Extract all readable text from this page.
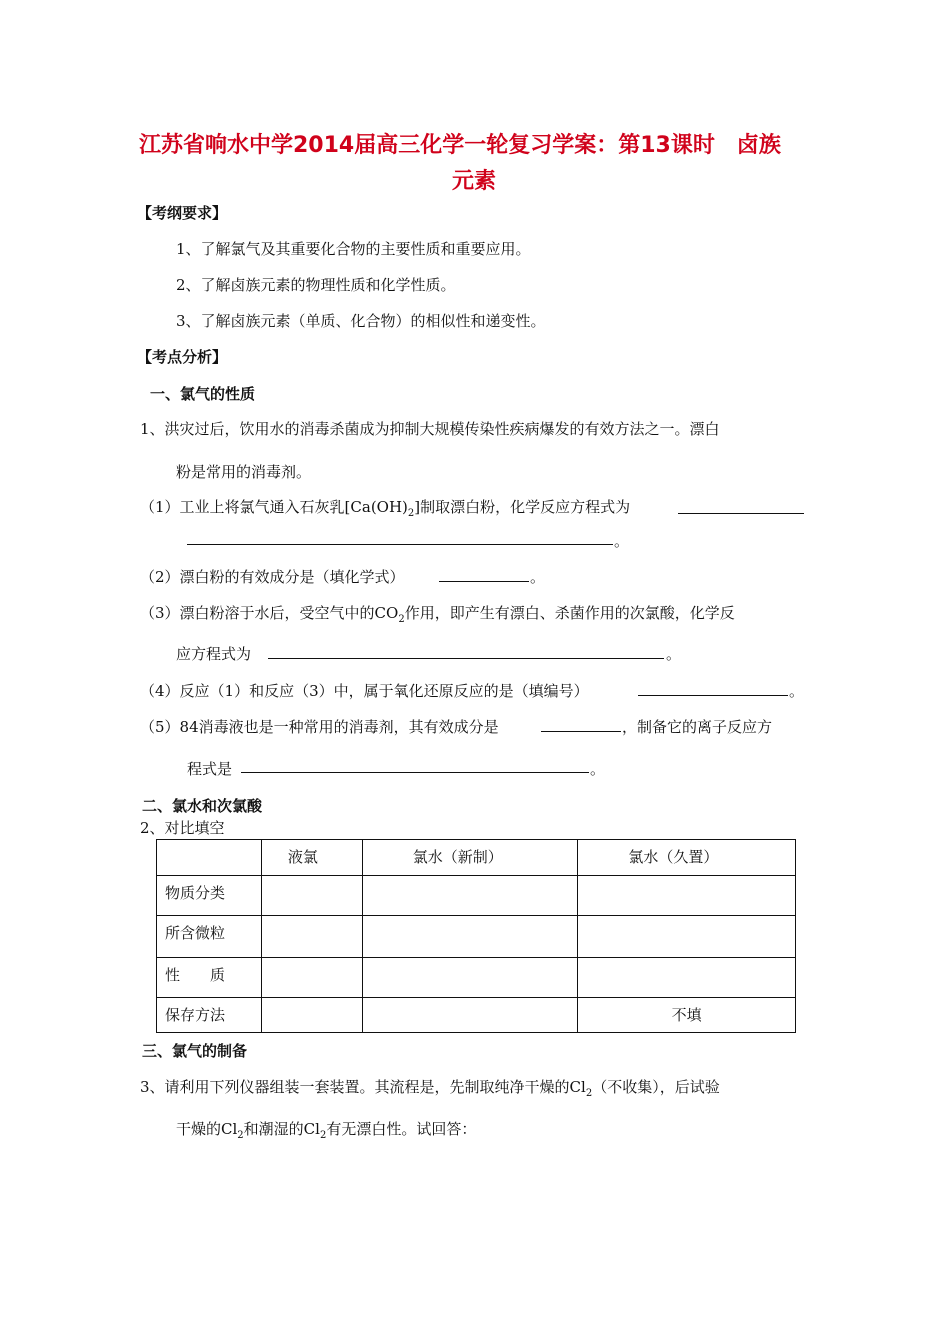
江苏省响水中学2014届高三化学一轮复习学案：第13课时　卤族
元素
【考纲要求】
1、了解氯气及其重要化合物的主要性质和重要应用。
2、了解卤族元素的物理性质和化学性质。
3、了解卤族元素（单质、化合物）的相似性和递变性。
【考点分析】
一、氯气的性质
1、洪灾过后，饮用水的消毒杀菌成为抑制大规模传染性疾病爆发的有效方法之一。漂白
粉是常用的消毒剂。
（1）工业上将氯气通入石灰乳$[Ca(OH)_2]$制取漂白粉，化学反应方程式为
。
（2）漂白粉的有效成分是（填化学式）	。
（3）漂白粉溶于水后，受空气中的$CO_2$作用，即产生有漂白、杀菌作用的次氯酸，化学反
应方程式为	。
（4）反应（1）和反应（3）中，属于氧化还原反应的是（填编号）	。
（5）84消毒液也是一种常用的消毒剂，其有效成分是	，制备它的离子反应方
程式是	。
二、氯水和次氯酸
2、对比填空
	液氯	氯水（新制）	氯水（久置）
物质分类			
所含微粒			
性　　质			
保存方法			不填
三、氯气的制备
3、请利用下列仪器组装一套装置。其流程是，先制取纯净干燥的$Cl_2$（不收集），后试验
干燥的$Cl_2$和潮湿的$Cl_2$有无漂白性。试回答：
